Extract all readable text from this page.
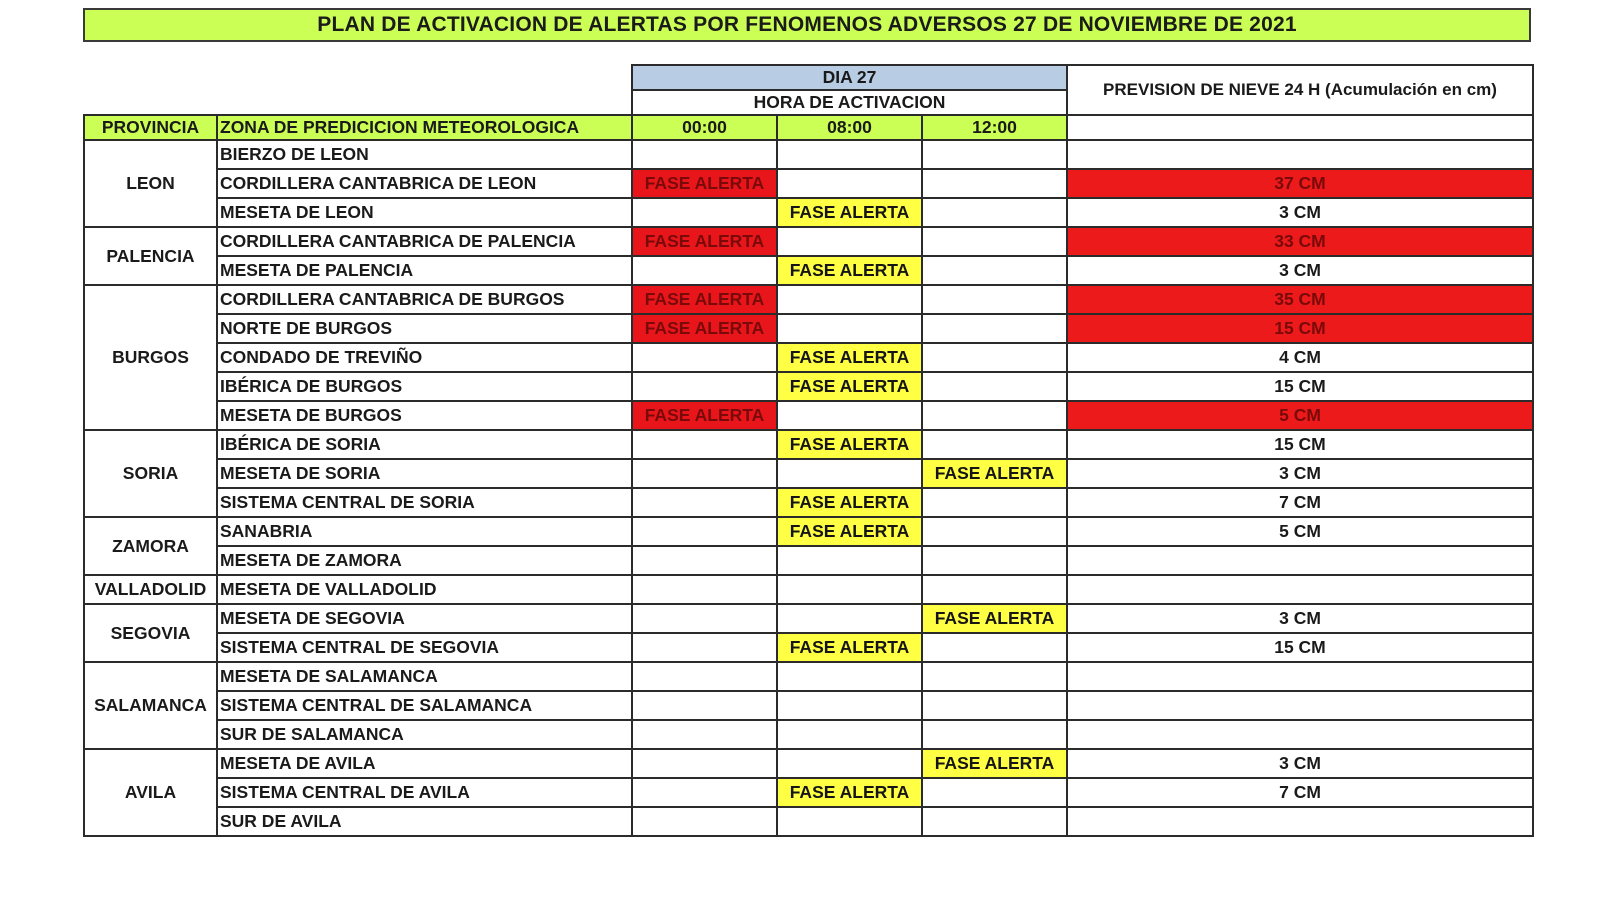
PLAN DE ACTIVACION DE ALERTAS POR FENOMENOS ADVERSOS 27 DE NOVIEMBRE DE 2021
		DIA 27			PREVISION DE NIEVE 24 H (Acumulación en cm)
		HORA DE ACTIVACION			
PROVINCIA	ZONA DE PREDICICION METEOROLOGICA	00:00	08:00	12:00	
LEON	BIERZO DE LEON				
	CORDILLERA CANTABRICA DE LEON	FASE ALERTA			37 CM
	MESETA DE LEON		FASE ALERTA		3 CM
PALENCIA	CORDILLERA CANTABRICA DE PALENCIA	FASE ALERTA			33 CM
	MESETA DE PALENCIA		FASE ALERTA		3 CM
BURGOS	CORDILLERA CANTABRICA DE BURGOS	FASE ALERTA			35 CM
	NORTE DE BURGOS	FASE ALERTA			15 CM
	CONDADO DE TREVIÑO		FASE ALERTA		4 CM
	IBÉRICA DE BURGOS		FASE ALERTA		15 CM
	MESETA DE BURGOS	FASE ALERTA			5 CM
SORIA	IBÉRICA DE SORIA		FASE ALERTA		15 CM
	MESETA DE SORIA			FASE ALERTA	3 CM
	SISTEMA CENTRAL DE SORIA		FASE ALERTA		7 CM
ZAMORA	SANABRIA		FASE ALERTA		5 CM
	MESETA DE ZAMORA				
VALLADOLID	MESETA DE VALLADOLID				
SEGOVIA	MESETA DE SEGOVIA			FASE ALERTA	3 CM
	SISTEMA CENTRAL DE SEGOVIA		FASE ALERTA		15 CM
SALAMANCA	MESETA DE SALAMANCA				
	SISTEMA CENTRAL DE SALAMANCA				
	SUR DE SALAMANCA				
AVILA	MESETA DE AVILA			FASE ALERTA	3 CM
	SISTEMA CENTRAL DE AVILA		FASE ALERTA		7 CM
	SUR DE AVILA				
